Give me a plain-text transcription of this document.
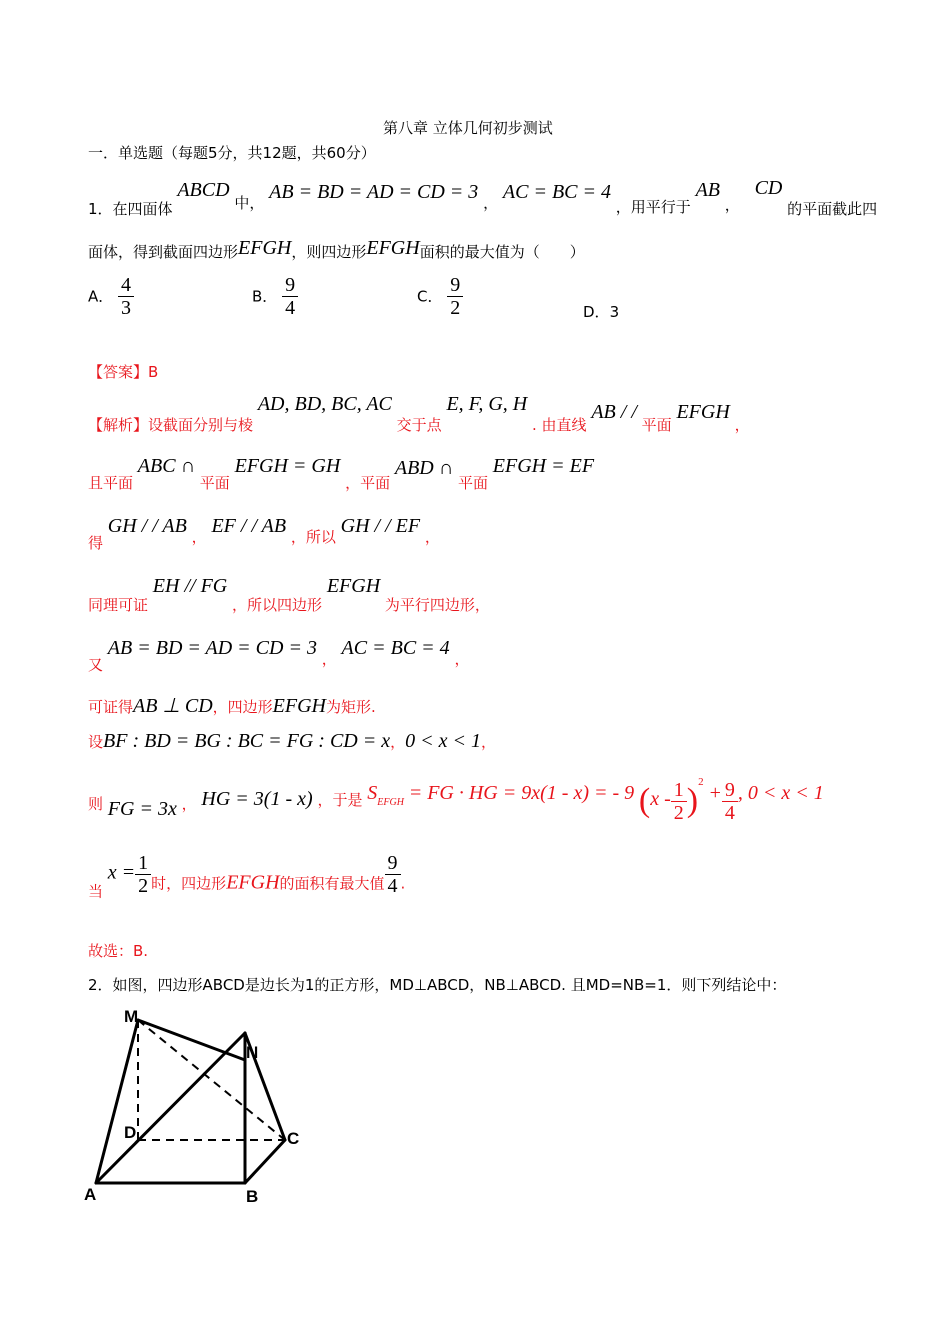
第八章 立体几何初步测试
一．单选题（每题5分，共12题，共60分）
1．在四面体 ABCD 中， AB = BD = AD = CD = 3 ， AC = BC = 4 ，用平行于 AB ， CD 的平面截此四
面体，得到截面四边形EFGH，则四边形EFGH面积的最大值为（　　）
A． $\frac{4}{3}$	B． $\frac{9}{4}$	C． $\frac{9}{2}$	D．3
【答案】B
【解析】设截面分别与棱 AD, BD, BC, AC 交于点 E, F, G, H . 由直线 AB / / 平面 EFGH ，
且平面 ABC ∩ 平面 EFGH = GH ，平面 ABD ∩ 平面 EFGH = EF
得 GH / / AB ， EF / / AB ，所以 GH / / EF ，
同理可证 EH // FG ，所以四边形 EFGH 为平行四边形，
又 AB = BD = AD = CD = 3 ， AC = BC = 4 ，
可证得AB ⊥ CD，四边形EFGH为矩形.
设BF : BD = BG : BC = FG : CD = x，0 < x < 1，
则 FG = 3x ， HG = 3(1 - x) ，于是 $S_{EFGH}$ = FG · HG = 9x(1 - x) = - 9 $(x - \frac{1}{2} )^2 + \frac{9}{4}$ , 0 < x < 1
当 $x = \frac{1}{2}$ 时，四边形EFGH的面积有最大值 $\frac{9}{4}$ .
故选：B.
2．如图，四边形ABCD是边长为1的正方形，MD⊥ABCD，NB⊥ABCD. 且MD=NB=1．则下列结论中：
M
N
D	C
A	B
